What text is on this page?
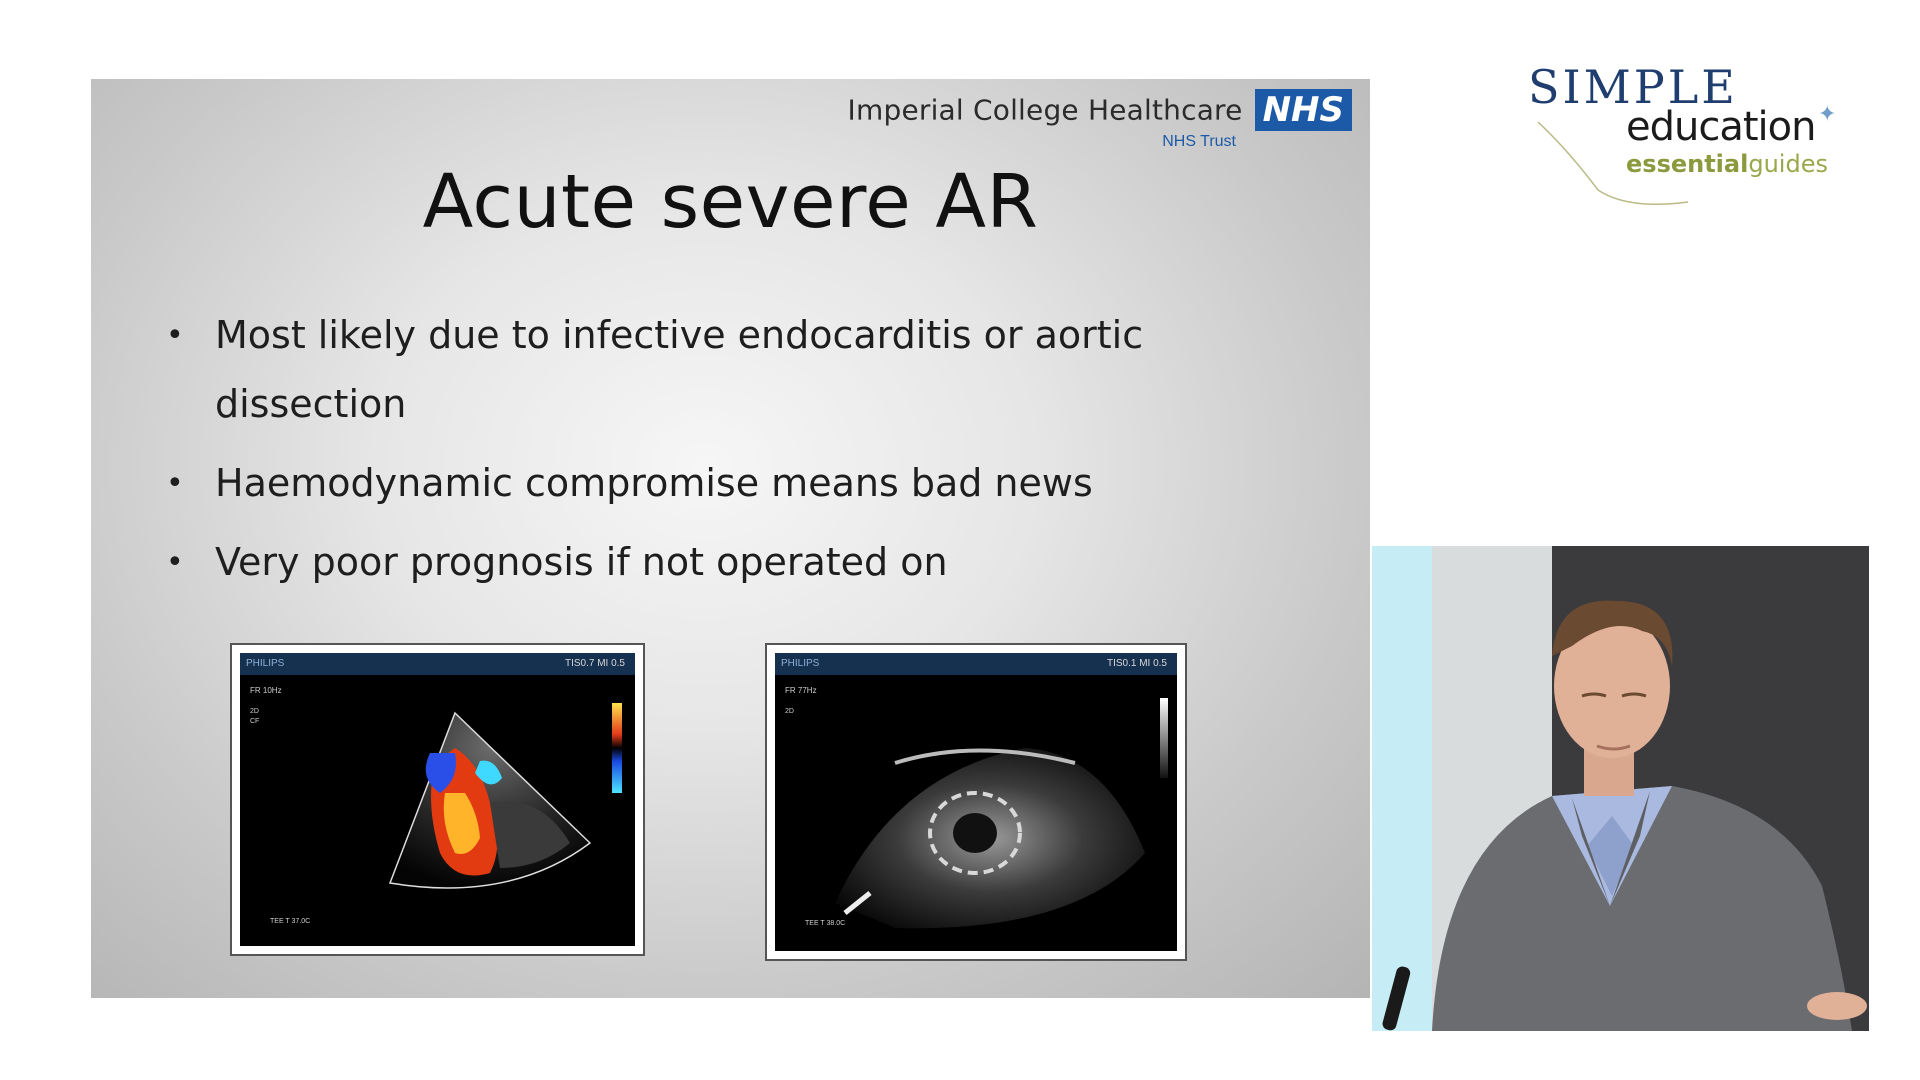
Imperial College Healthcare NHS
NHS Trust
Acute severe AR
• Most likely due to infective endocarditis or aortic dissection
• Haemodynamic compromise means bad news
• Very poor prognosis if not operated on
PHILIPS	TIS0.7 MI 0.5
FR 10Hz
2D
CF
TEE T 37.0C
PHILIPS	TIS0.1 MI 0.5
FR 77Hz
2D
TEE T 38.0C
SIMPLE
education ✦
essentialguides
